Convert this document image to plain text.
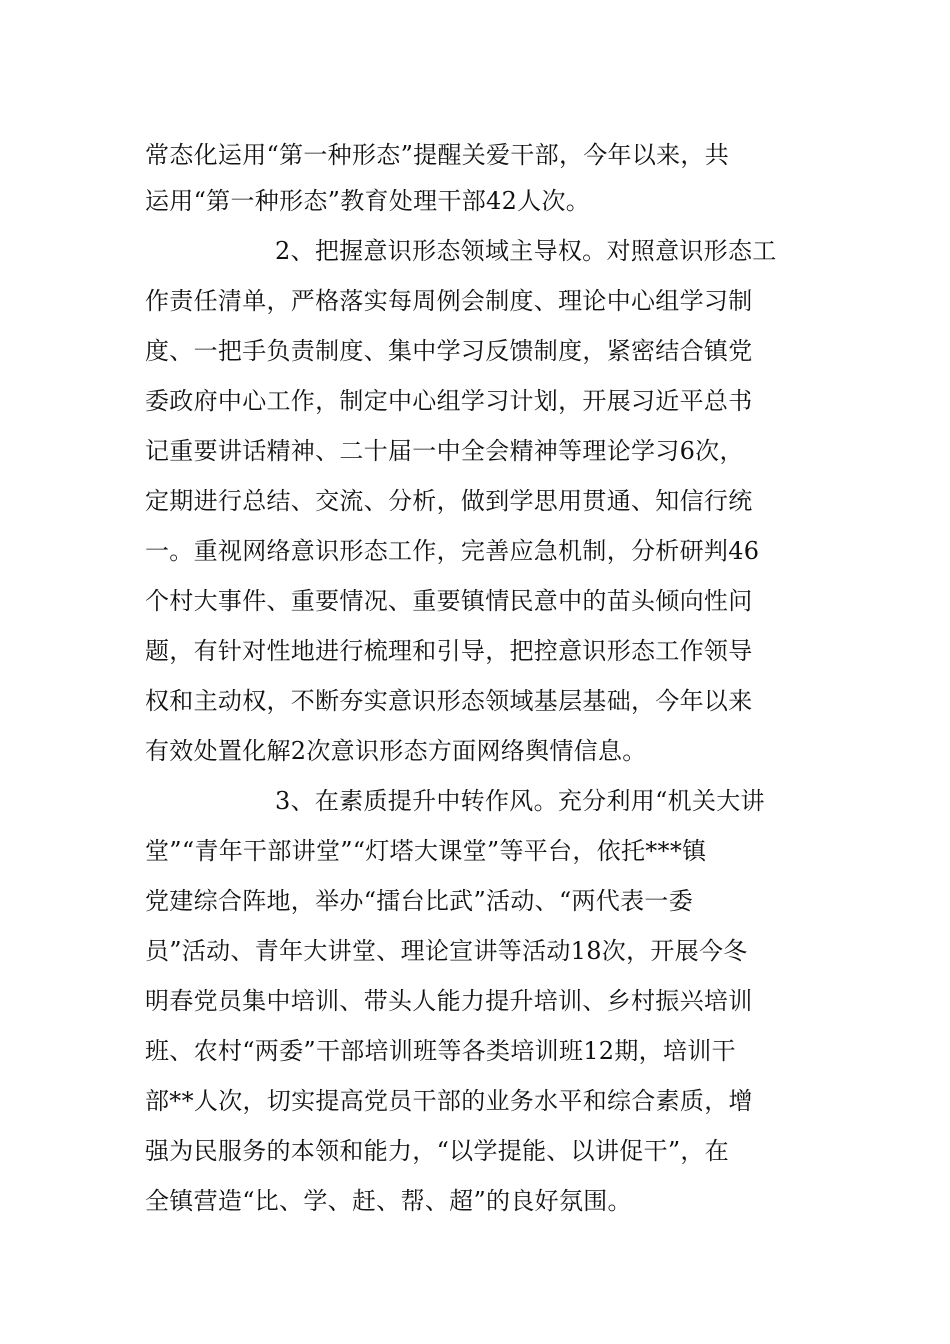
常态化运用“第一种形态”提醒关爱干部，今年以来，共
运用“第一种形态”教育处理干部42人次。
2、把握意识形态领域主导权。对照意识形态工
作责任清单，严格落实每周例会制度、理论中心组学习制
度、一把手负责制度、集中学习反馈制度，紧密结合镇党
委政府中心工作，制定中心组学习计划，开展习近平总书
记重要讲话精神、二十届一中全会精神等理论学习6次，
定期进行总结、交流、分析，做到学思用贯通、知信行统
一。重视网络意识形态工作，完善应急机制，分析研判46
个村大事件、重要情况、重要镇情民意中的苗头倾向性问
题，有针对性地进行梳理和引导，把控意识形态工作领导
权和主动权，不断夯实意识形态领域基层基础，今年以来
有效处置化解2次意识形态方面网络舆情信息。
3、在素质提升中转作风。充分利用“机关大讲
堂”“青年干部讲堂”“灯塔大课堂”等平台，依托***镇
党建综合阵地，举办“擂台比武”活动、“两代表一委
员”活动、青年大讲堂、理论宣讲等活动18次，开展今冬
明春党员集中培训、带头人能力提升培训、乡村振兴培训
班、农村“两委”干部培训班等各类培训班12期，培训干
部**人次，切实提高党员干部的业务水平和综合素质，增
强为民服务的本领和能力，“以学提能、以讲促干”，在
全镇营造“比、学、赶、帮、超”的良好氛围。
